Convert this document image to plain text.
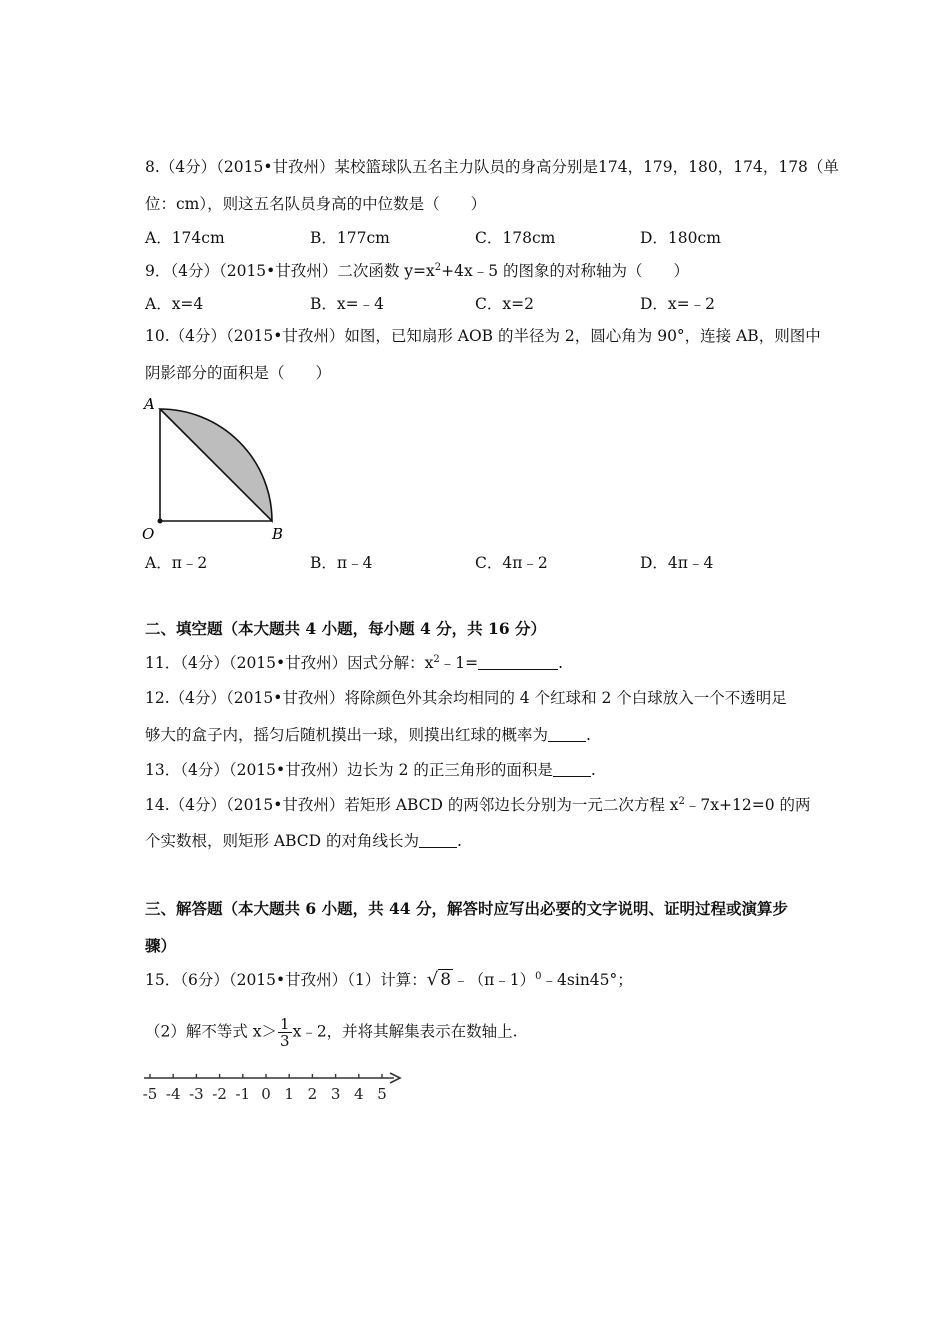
8.（4分）（2015•甘孜州）某校篮球队五名主力队员的身高分别是174，179，180，174，178（单
位：cm），则这五名队员身高的中位数是（　　）
A．174cm	B．177cm	C．178cm	D．180cm
9．（4分）（2015•甘孜州）二次函数 $y=x^2+4x﹣5$ 的图象的对称轴为（　　）
A．x=4	B．x=﹣4	C．x=2	D．x=﹣2
10.（4分）（2015•甘孜州）如图，已知扇形 AOB 的半径为 2，圆心角为 90°，连接 AB，则图中
阴影部分的面积是（　　）
A
O	B
A．π﹣2	B．π﹣4	C．4π﹣2	D．4π﹣4
二、填空题（本大题共 4 小题，每小题 4 分，共 16 分）
11．（4分）（2015•甘孜州）因式分解：$x^2﹣1=$	.
12.（4分）（2015•甘孜州）将除颜色外其余均相同的 4 个红球和 2 个白球放入一个不透明足
够大的盒子内，摇匀后随机摸出一球，则摸出红球的概率为 .
13．（4分）（2015•甘孜州）边长为 2 的正三角形的面积是 .
14.（4分）（2015•甘孜州）若矩形 ABCD 的两邻边长分别为一元二次方程 $x^2﹣7x+12=0$ 的两
个实数根，则矩形 ABCD 的对角线长为 .
三、解答题（本大题共 6 小题，共 44 分，解答时应写出必要的文字说明、证明过程或演算步
骤）
15．（6分）（2015•甘孜州）（1）计算：√ 8 ﹣（π﹣1）$^0$﹣4sin45°；
（2）解不等式 $x> \frac{1}{3}$ x﹣2，并将其解集表示在数轴上.
-5 -4 -3 -2 -1 0 1 2 3 4 5
